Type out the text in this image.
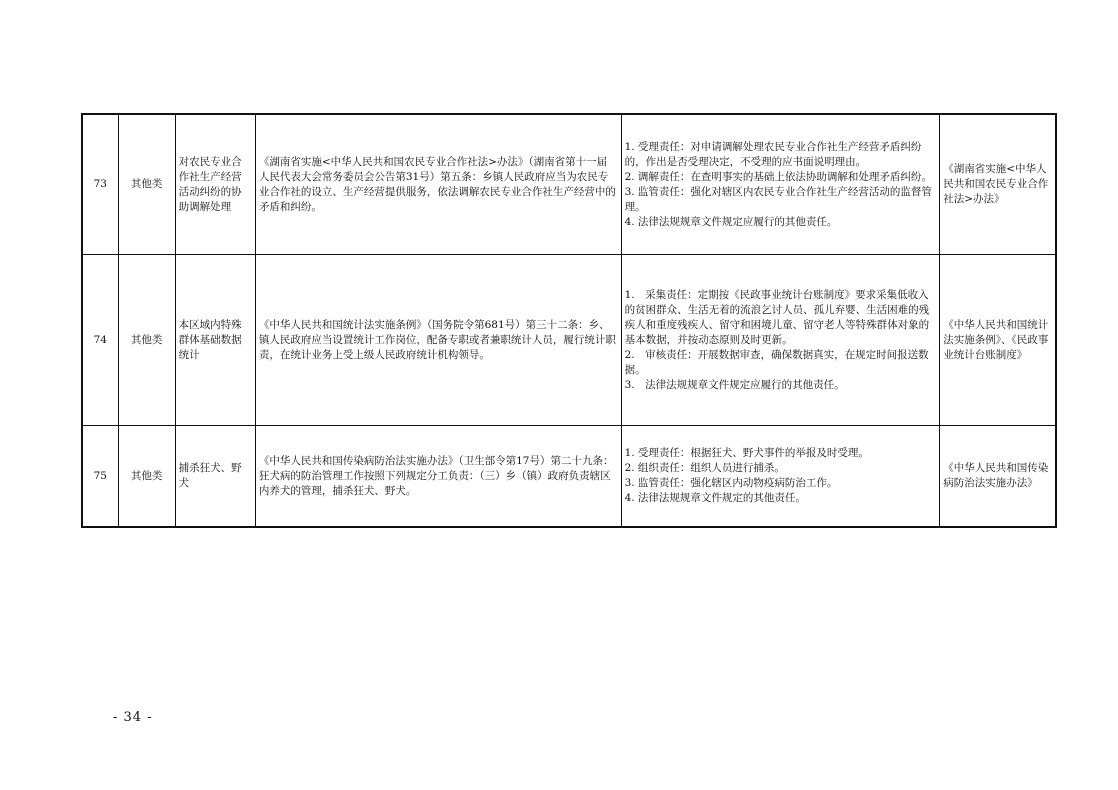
73	其他类	对农民专业合作社生产经营活动纠纷的协助调解处理	《湖南省实施<中华人民共和国农民专业合作社法>办法》（湖南省第十一届人民代表大会常务委员会公告第31号）第五条：乡镇人民政府应当为农民专业合作社的设立、生产经营提供服务，依法调解农民专业合作社生产经营中的矛盾和纠纷。	1. 受理责任：对申请调解处理农民专业合作社生产经营矛盾纠纷的，作出是否受理决定，不受理的应书面说明理由。
2. 调解责任：在查明事实的基础上依法协助调解和处理矛盾纠纷。
3. 监管责任：强化对辖区内农民专业合作社生产经营活动的监督管理。
4. 法律法规规章文件规定应履行的其他责任。	《湖南省实施<中华人民共和国农民专业合作社法>办法》
74	其他类	本区域内特殊群体基础数据统计	《中华人民共和国统计法实施条例》（国务院令第681号）第三十二条：乡、镇人民政府应当设置统计工作岗位，配备专职或者兼职统计人员，履行统计职责，在统计业务上受上级人民政府统计机构领导。	1.　采集责任：定期按《民政事业统计台账制度》要求采集低收入的贫困群众、生活无着的流浪乞讨人员、孤儿弃婴、生活困难的残疾人和重度残疾人、留守和困境儿童、留守老人等特殊群体对象的基本数据，并按动态原则及时更新。
2.　审核责任：开展数据审查，确保数据真实，在规定时间报送数据。
3.　法律法规规章文件规定应履行的其他责任。	《中华人民共和国统计法实施条例》、《民政事业统计台账制度》
75	其他类	捕杀狂犬、野犬	《中华人民共和国传染病防治法实施办法》（卫生部令第17号）第二十九条：狂犬病的防治管理工作按照下列规定分工负责：（三）乡（镇）政府负责辖区内养犬的管理，捕杀狂犬、野犬。	1. 受理责任：根据狂犬、野犬事件的举报及时受理。
2. 组织责任：组织人员进行捕杀。
3. 监管责任：强化辖区内动物疫病防治工作。
4. 法律法规规章文件规定的其他责任。	《中华人民共和国传染病防治法实施办法》
- 34 -
